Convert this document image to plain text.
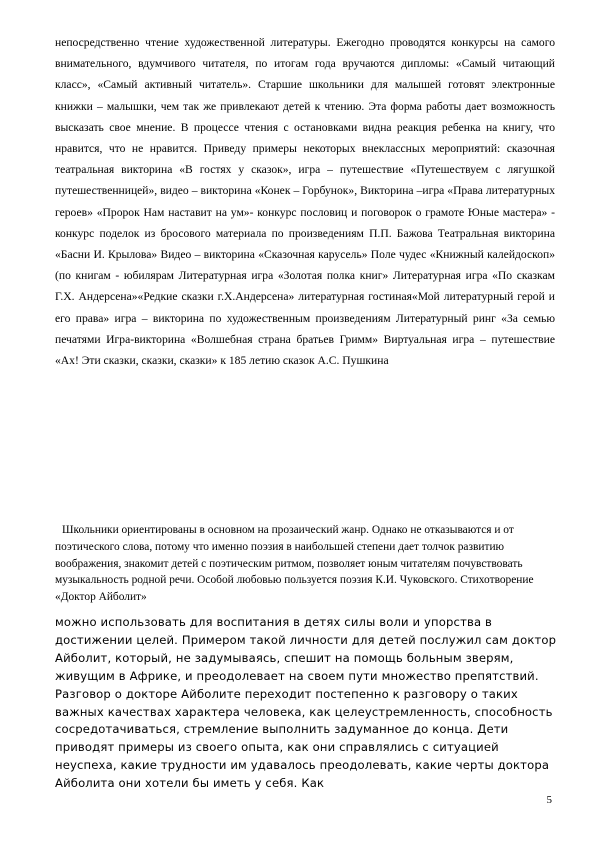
непосредственно чтение художественной литературы. Ежегодно проводятся конкурсы на самого внимательного, вдумчивого читателя, по итогам года вручаются дипломы: «Самый читающий класс», «Самый активный читатель». Старшие школьники для малышей готовят электронные книжки – малышки, чем так же привлекают детей к чтению. Эта форма работы дает возможность высказать свое мнение. В процессе чтения с остановками видна реакция ребенка на книгу, что нравится, что не нравится. Приведу примеры некоторых внеклассных мероприятий: сказочная театральная викторина «В гостях у сказок», игра – путешествие «Путешествуем с лягушкой путешественницей», видео – викторина «Конек – Горбунок», Викторина –игра «Права литературных героев» «Пророк Нам наставит на ум»- конкурс пословиц и поговорок о грамоте Юные мастера» - конкурс поделок из бросового материала по произведениям П.П. Бажова Театральная викторина «Басни И. Крылова» Видео – викторина «Сказочная карусель» Поле чудес «Книжный калейдоскоп» (по книгам - юбилярам Литературная игра «Золотая полка книг» Литературная игра «По сказкам Г.Х. Андерсена»«Редкие сказки г.Х.Андерсена» литературная гостиная«Мой литературный герой и его права» игра – викторина по художественным произведениям Литературный ринг «За семью печатями Игра-викторина «Волшебная страна братьев Гримм» Виртуальная игра – путешествие «Ах! Эти сказки, сказки, сказки» к 185 летию сказок А.С. Пушкина

Школьники ориентированы в основном на прозаический жанр. Однако не отказываются и от поэтического слова, потому что именно поэзия в наибольшей степени дает толчок развитию воображения, знакомит детей с поэтическим ритмом, позволяет юным читателям почувствовать музыкальность родной речи. Особой любовью пользуется поэзия К.И. Чуковского. Стихотворение «Доктор Айболит»

можно использовать для воспитания в детях силы воли и упорства в достижении целей. Примером такой личности для детей послужил сам доктор Айболит, который, не задумываясь, спешит на помощь больным зверям, живущим в Африке, и преодолевает на своем пути множество препятствий. Разговор о докторе Айболите переходит постепенно к разговору о таких важных качествах характера человека, как целеустремленность, способность сосредотачиваться, стремление выполнить задуманное до конца. Дети приводят примеры из своего опыта, как они справлялись с ситуацией неуспеха, какие трудности им удавалось преодолевать, какие черты доктора Айболита они хотели бы иметь у себя. Как

5
